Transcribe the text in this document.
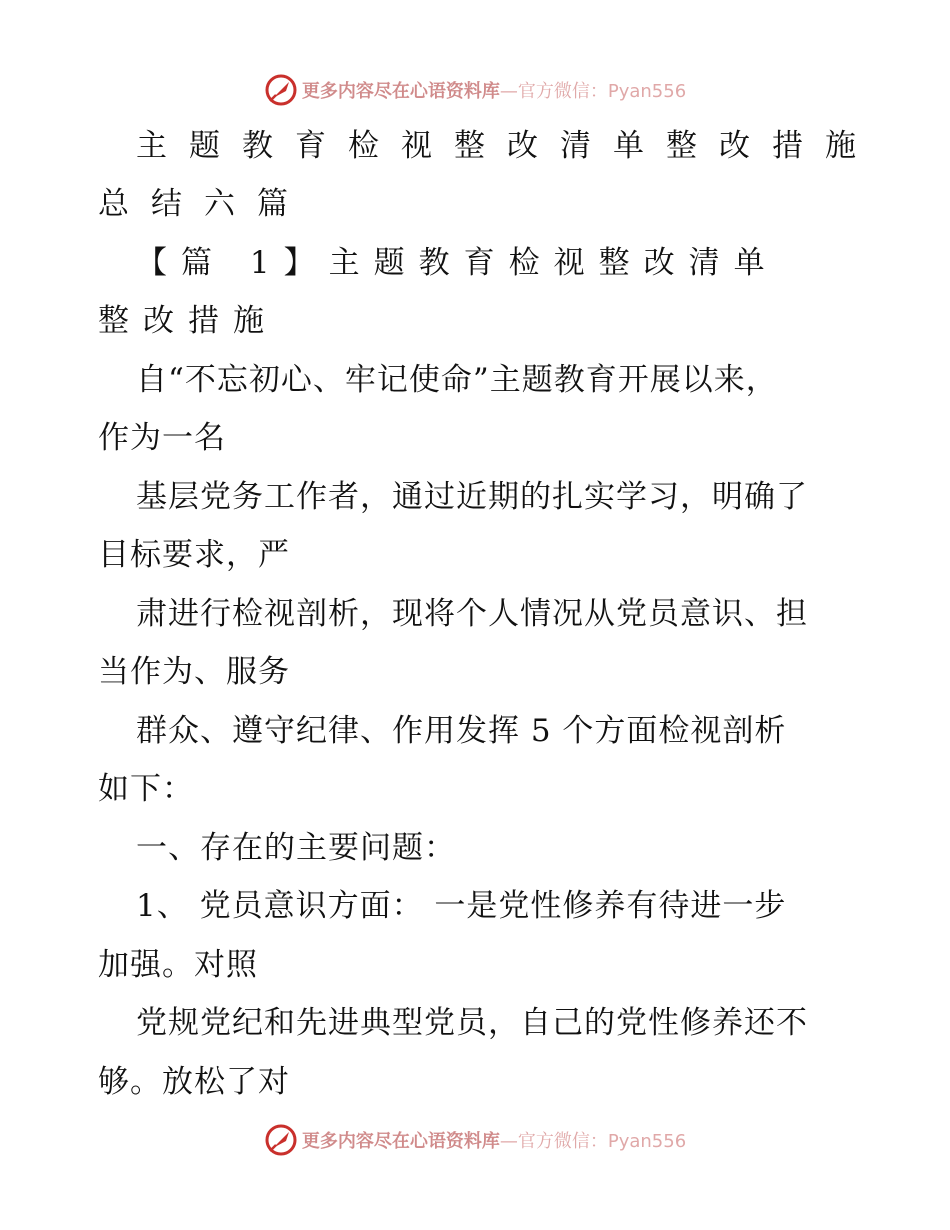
更多内容尽在心语资料库 —官方微信：Pyan556
主题教育检视整改清单整改措施
总结六篇
【篇 1】主题教育检视整改清单
整改措施
自“不忘初心、牢记使命”主题教育开展以来，
作为一名
基层党务工作者，通过近期的扎实学习，明确了
目标要求，严
肃进行检视剖析，现将个人情况从党员意识、担
当作为、服务
群众、遵守纪律、作用发挥 5 个方面检视剖析
如下：
一、存在的主要问题：
1、 党员意识方面： 一是党性修养有待进一步
加强。对照
党规党纪和先进典型党员，自己的党性修养还不
够。放松了对
更多内容尽在心语资料库 —官方微信：Pyan556
